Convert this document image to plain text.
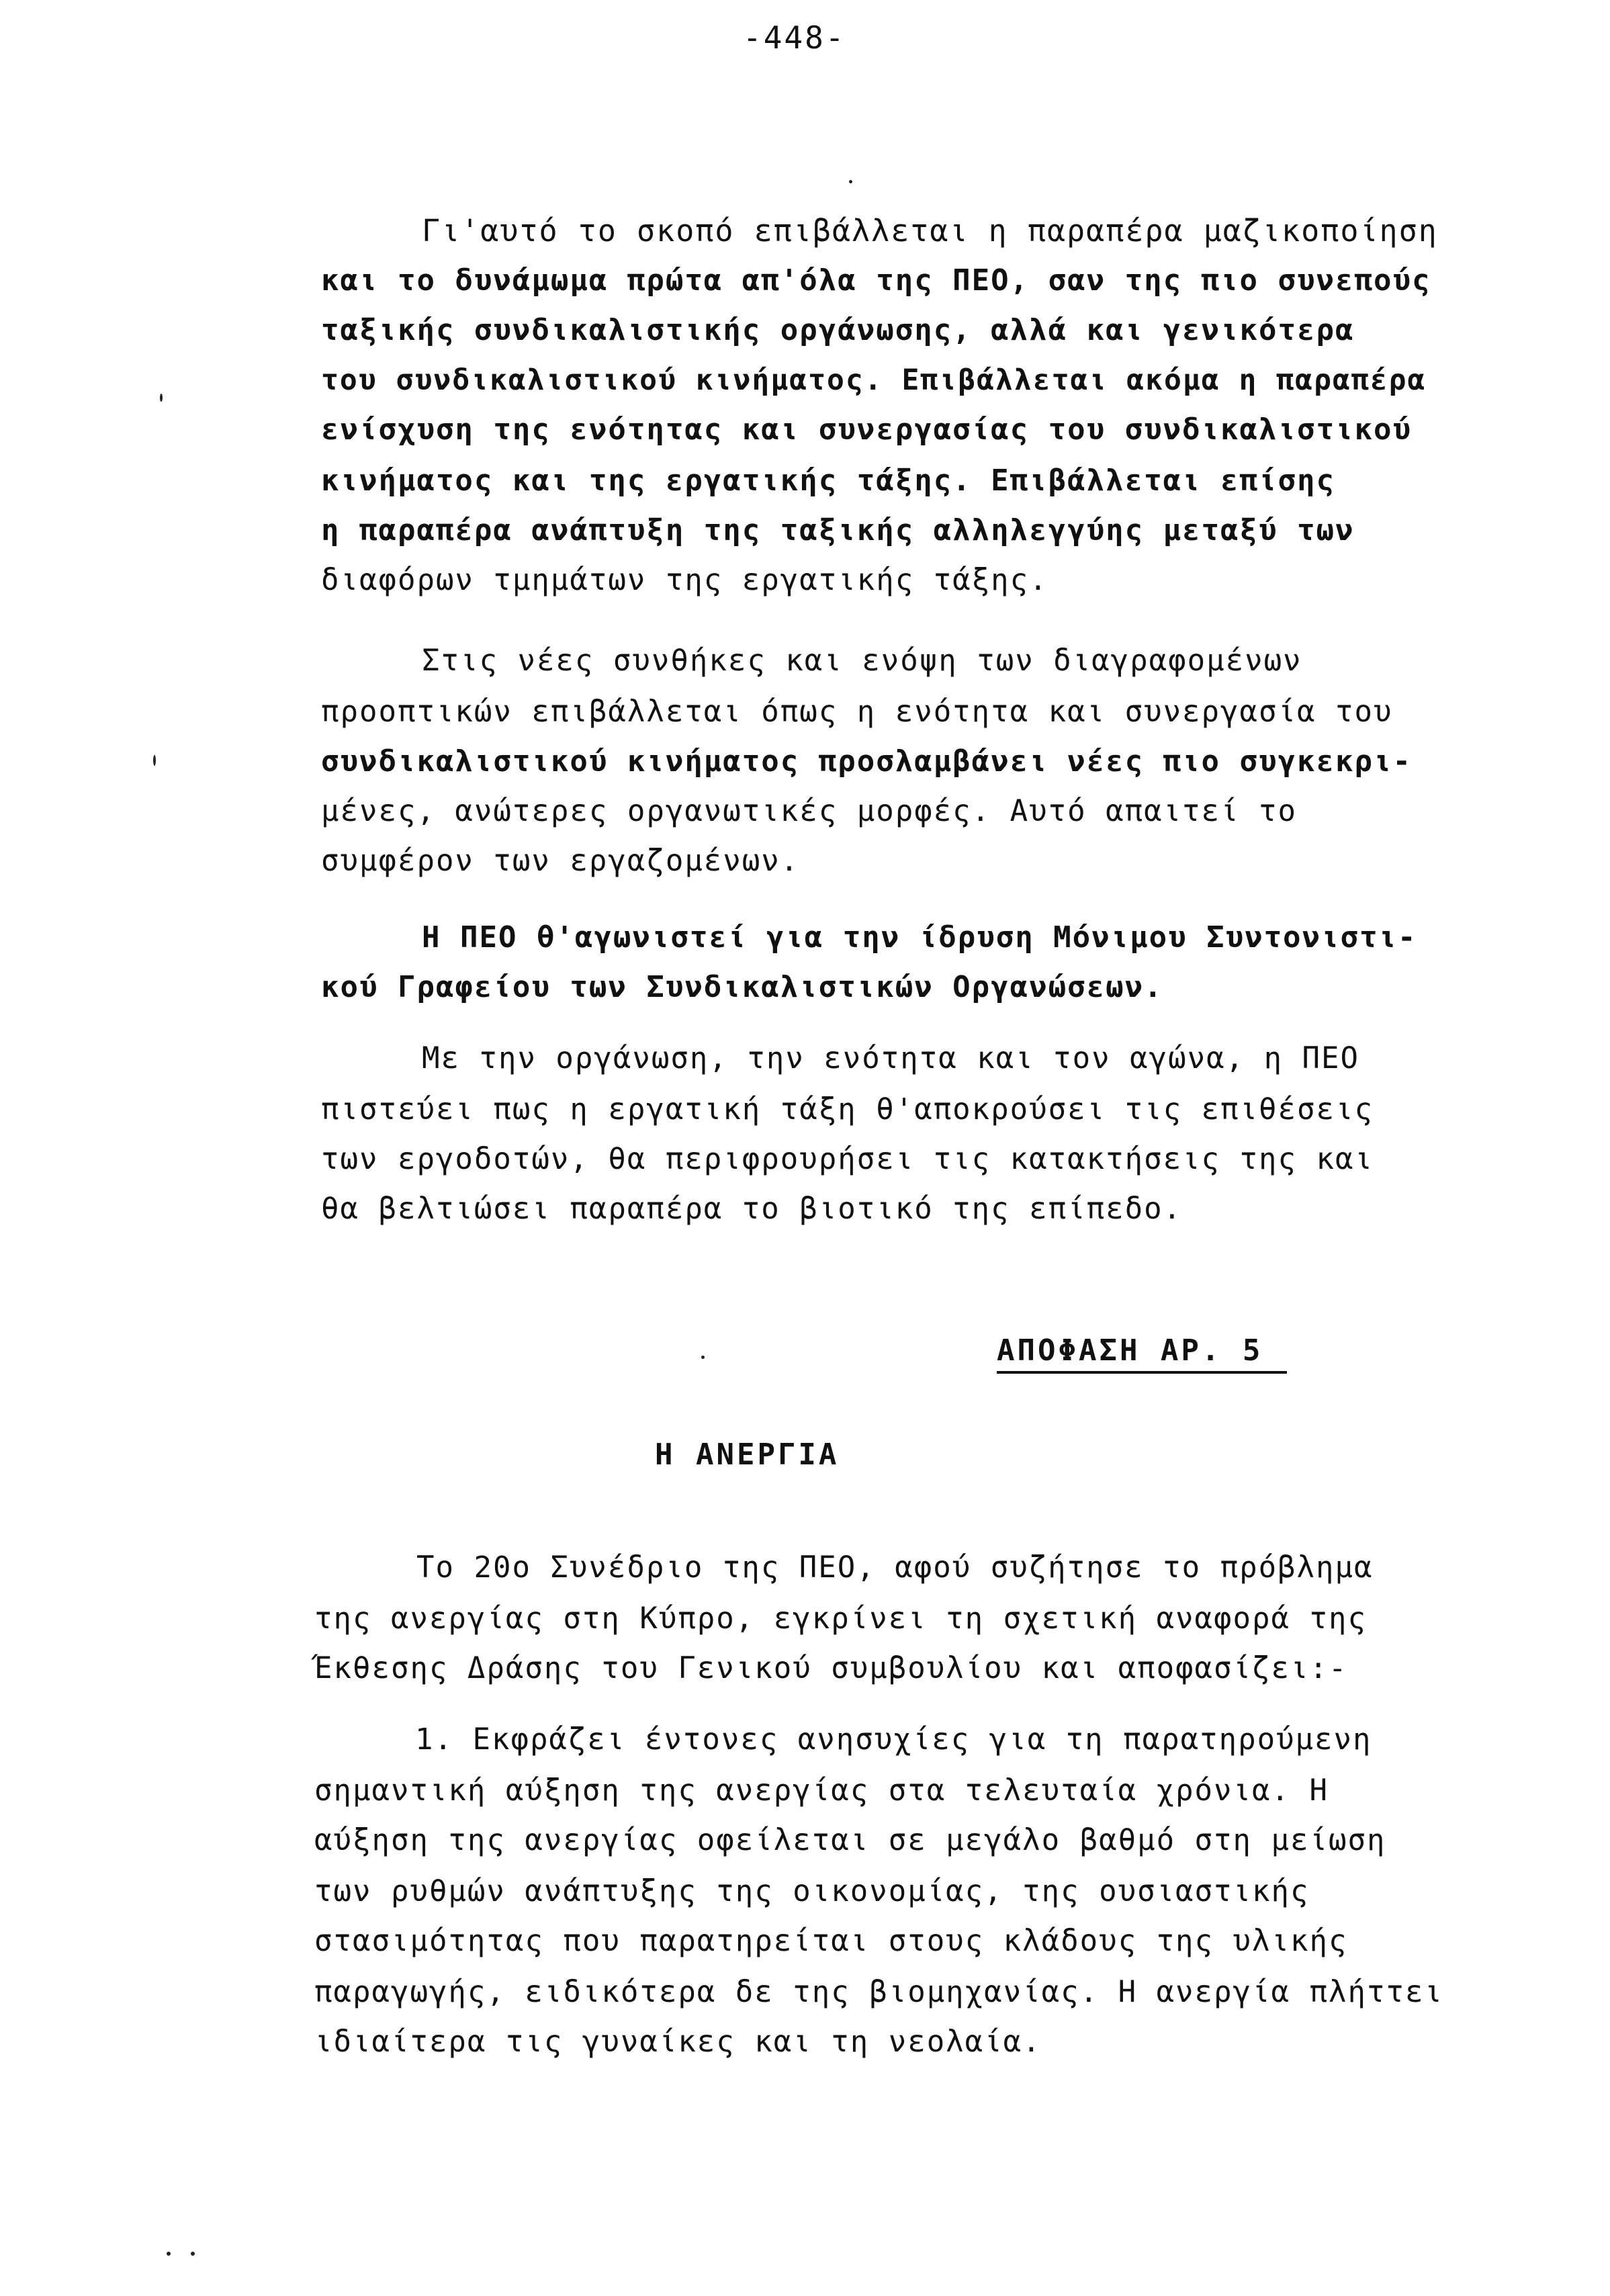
-448-
Γι'αυτό το σκοπό επιβάλλεται η παραπέρα μαζικοποίηση
και το δυνάμωμα πρώτα απ'όλα της ΠΕΟ, σαν της πιο συνεπούς
ταξικής συνδικαλιστικής οργάνωσης, αλλά και γενικότερα
του συνδικαλιστικού κινήματος. Επιβάλλεται ακόμα η παραπέρα
ενίσχυση της ενότητας και συνεργασίας του συνδικαλιστικού
κινήματος και της εργατικής τάξης. Επιβάλλεται επίσης
η παραπέρα ανάπτυξη της ταξικής αλληλεγγύης μεταξύ των
διαφόρων τμημάτων της εργατικής τάξης.
Στις νέες συνθήκες και ενόψη των διαγραφομένων
προοπτικών επιβάλλεται όπως η ενότητα και συνεργασία του
συνδικαλιστικού κινήματος προσλαμβάνει νέες πιο συγκεκρι-
μένες, ανώτερες οργανωτικές μορφές. Αυτό απαιτεί το
συμφέρον των εργαζομένων.
Η ΠΕΟ θ'αγωνιστεί για την ίδρυση Μόνιμου Συντονιστι-
κού Γραφείου των Συνδικαλιστικών Οργανώσεων.
Με την οργάνωση, την ενότητα και τον αγώνα, η ΠΕΟ
πιστεύει πως η εργατική τάξη θ'αποκρούσει τις επιθέσεις
των εργοδοτών, θα περιφρουρήσει τις κατακτήσεις της και
θα βελτιώσει παραπέρα το βιοτικό της επίπεδο.
ΑΠΟΦΑΣΗ ΑΡ. 5
Η ΑΝΕΡΓΙΑ
Το 20ο Συνέδριο της ΠΕΟ, αφού συζήτησε το πρόβλημα
της ανεργίας στη Κύπρο, εγκρίνει τη σχετική αναφορά της
Έκθεσης Δράσης του Γενικού συμβουλίου και αποφασίζει:-
1. Εκφράζει έντονες ανησυχίες για τη παρατηρούμενη
σημαντική αύξηση της ανεργίας στα τελευταία χρόνια. Η
αύξηση της ανεργίας οφείλεται σε μεγάλο βαθμό στη μείωση
των ρυθμών ανάπτυξης της οικονομίας, της ουσιαστικής
στασιμότητας που παρατηρείται στους κλάδους της υλικής
παραγωγής, ειδικότερα δε της βιομηχανίας. Η ανεργία πλήττει
ιδιαίτερα τις γυναίκες και τη νεολαία.
